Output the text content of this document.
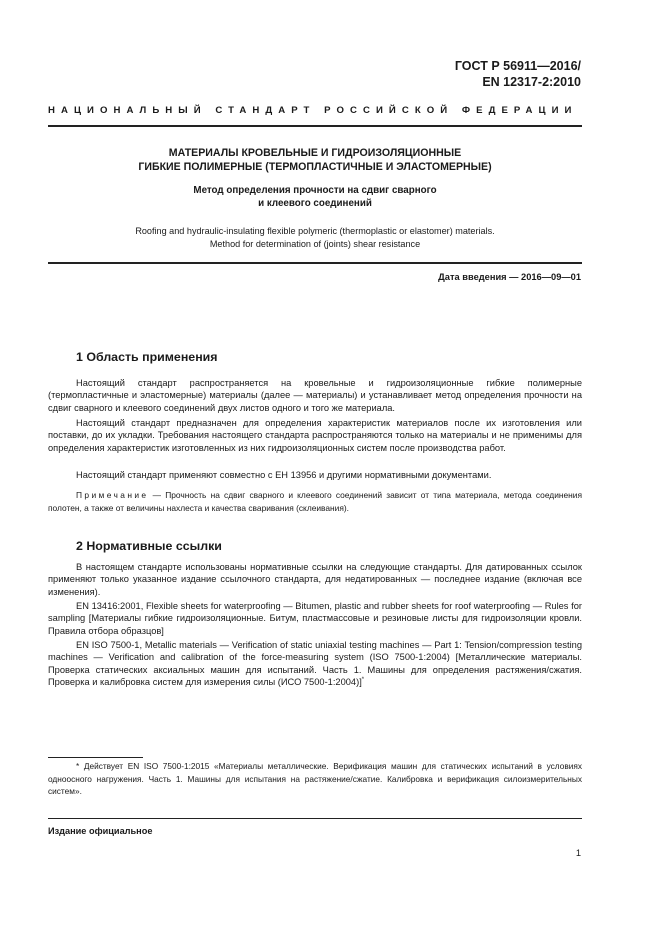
ГОСТ Р 56911—2016/
EN 12317-2:2010
НАЦИОНАЛЬНЫЙ СТАНДАРТ РОССИЙСКОЙ ФЕДЕРАЦИИ
МАТЕРИАЛЫ КРОВЕЛЬНЫЕ И ГИДРОИЗОЛЯЦИОННЫЕ
ГИБКИЕ ПОЛИМЕРНЫЕ (ТЕРМОПЛАСТИЧНЫЕ И ЭЛАСТОМЕРНЫЕ)
Метод определения прочности на сдвиг сварного
и клеевого соединений
Roofing and hydraulic-insulating flexible polymeric (thermoplastic or elastomer) materials.
Method for determination of (joints) shear resistance
Дата введения — 2016—09—01
1 Область применения
Настоящий стандарт распространяется на кровельные и гидроизоляционные гибкие полимерные (термопластичные и эластомерные) материалы (далее — материалы) и устанавливает метод определения прочности на сдвиг сварного и клеевого соединений двух листов одного и того же материала.
Настоящий стандарт предназначен для определения характеристик материалов после их изготовления или поставки, до их укладки. Требования настоящего стандарта распространяются только на материалы и не применимы для определения характеристик изготовленных из них гидроизоляционных систем после производства работ.
Настоящий стандарт применяют совместно с ЕН 13956 и другими нормативными документами.
Примечание — Прочность на сдвиг сварного и клеевого соединений зависит от типа материала, метода соединения полотен, а также от величины нахлеста и качества сваривания (склеивания).
2 Нормативные ссылки
В настоящем стандарте использованы нормативные ссылки на следующие стандарты. Для датированных ссылок применяют только указанное издание ссылочного стандарта, для недатированных — последнее издание (включая все изменения).
EN 13416:2001, Flexible sheets for waterproofing — Bitumen, plastic and rubber sheets for roof waterproofing — Rules for sampling [Материалы гибкие гидроизоляционные. Битум, пластмассовые и резиновые листы для гидроизоляции кровли. Правила отбора образцов]
EN ISO 7500-1, Metallic materials — Verification of static uniaxial testing machines — Part 1: Tension/compression testing machines — Verification and calibration of the force-measuring system (ISO 7500-1:2004) [Металлические материалы. Проверка статических аксиальных машин для испытаний. Часть 1. Машины для определения растяжения/сжатия. Проверка и калибровка систем для измерения силы (ИСО 7500-1:2004)]*
* Действует EN ISO 7500-1:2015 «Материалы металлические. Верификация машин для статических испытаний в условиях одноосного нагружения. Часть 1. Машины для испытания на растяжение/сжатие. Калибровка и верификация силоизмерительных систем».
Издание официальное
1
